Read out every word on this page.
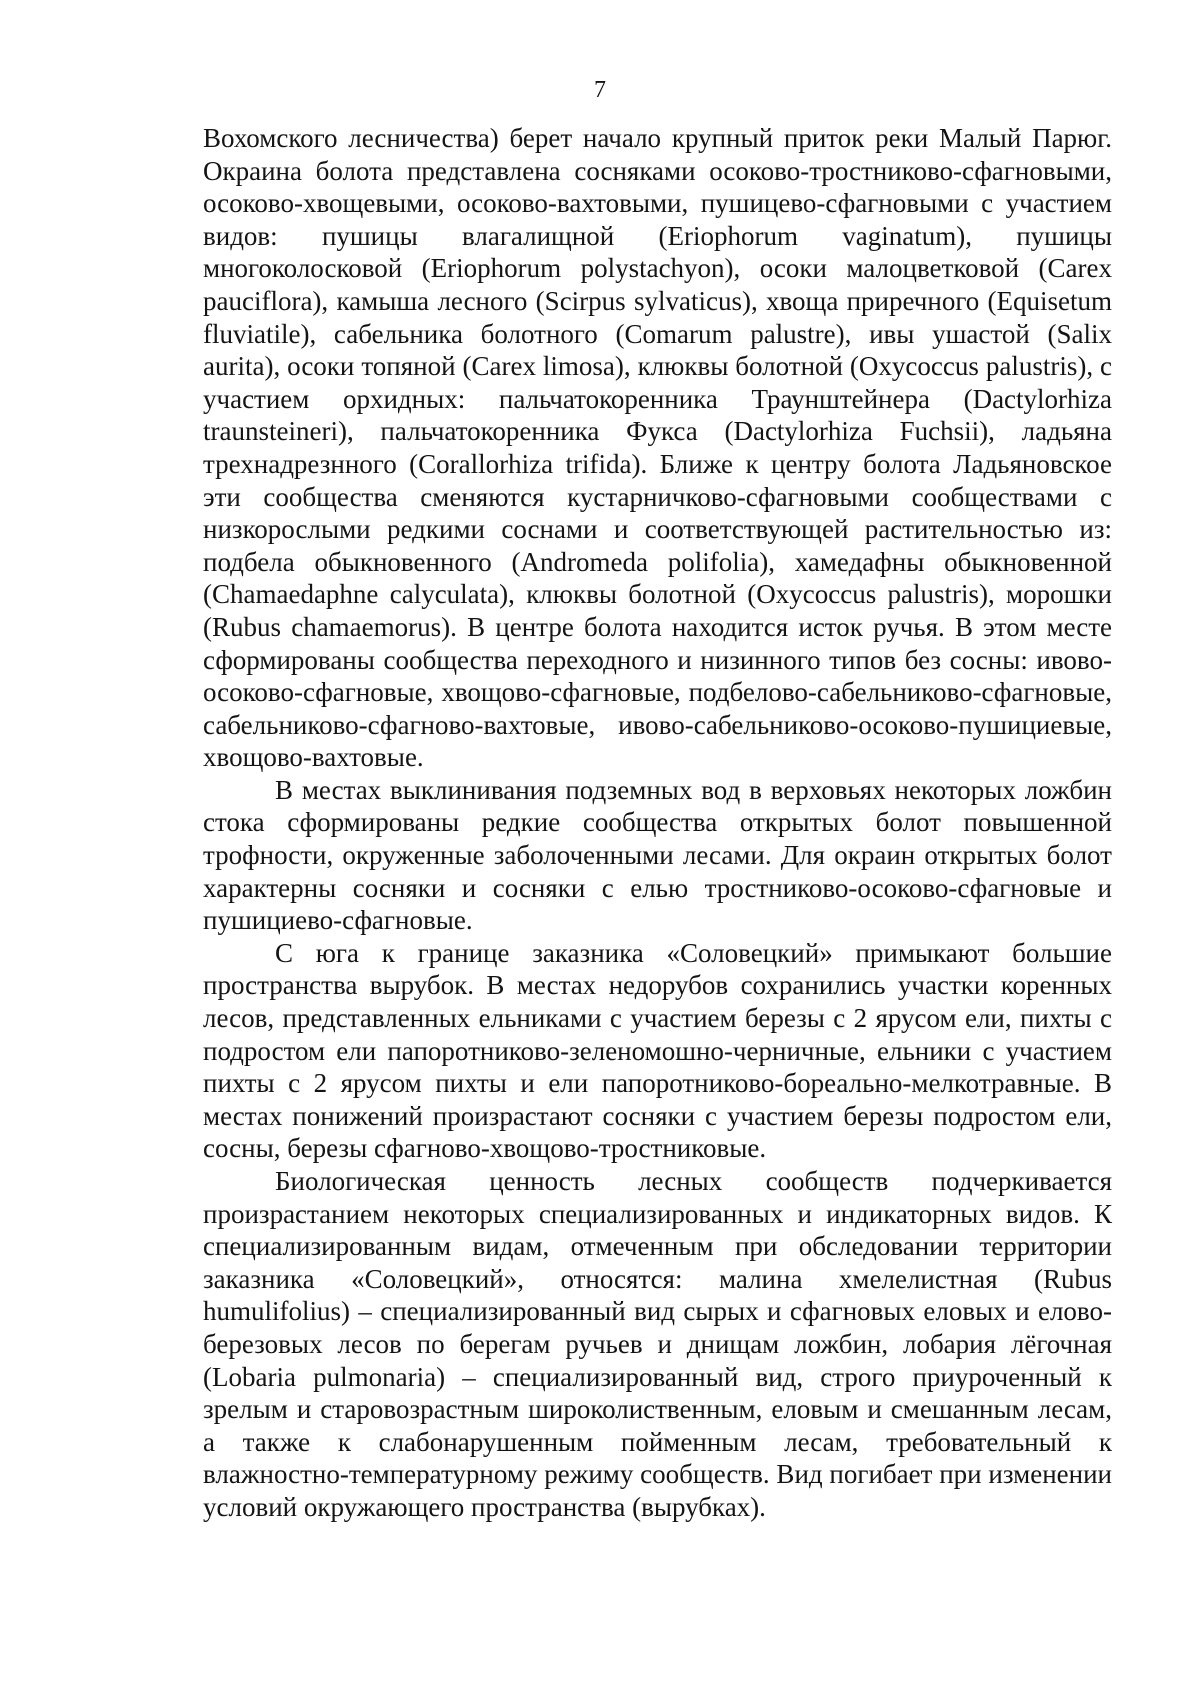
7

Вохомского лесничества) берет начало крупный приток реки Малый Парюг. Окраина болота представлена сосняками осоково-тростниково-сфагновыми, осоково-хвощевыми, осоково-вахтовыми, пушицево-сфагновыми с участием видов: пушицы влагалищной (Eriophorum vaginatum), пушицы многоколосковой (Eriophorum polystachyon), осоки малоцветковой (Carex pauciflora), камыша лесного (Scirpus sylvaticus), хвоща приречного (Equisetum fluviatile), сабельника болотного (Comarum palustre), ивы ушастой (Salix aurita), осоки топяной (Carex limosa), клюквы болотной (Oxycoccus palustris), с участием орхидных: пальчатокоренника Траунштейнера (Dactylorhiza traunsteineri), пальчатокоренника Фукса (Dactylorhiza Fuchsii), ладьяна трехнадрезнного (Corallorhiza trifida). Ближе к центру болота Ладьяновское эти сообщества сменяются кустарничково-сфагновыми сообществами с низкорослыми редкими соснами и соответствующей растительностью из: подбела обыкновенного (Andromeda polifolia), хамедафны обыкновенной (Chamaedaphne calyculata), клюквы болотной (Oxycoccus palustris), морошки (Rubus chamaemorus). В центре болота находится исток ручья. В этом месте сформированы сообщества переходного и низинного типов без сосны: ивово-осоково-сфагновые, хвощово-сфагновые, подбелово-сабельниково-сфагновые, сабельниково-сфагново-вахтовые, ивово-сабельниково-осоково-пушициевые, хвощово-вахтовые.

В местах выклинивания подземных вод в верховьях некоторых ложбин стока сформированы редкие сообщества открытых болот повышенной трофности, окруженные заболоченными лесами. Для окраин открытых болот характерны сосняки и сосняки с елью тростниково-осоково-сфагновые и пушициево-сфагновые.

С юга к границе заказника «Соловецкий» примыкают большие пространства вырубок. В местах недорубов сохранились участки коренных лесов, представленных ельниками с участием березы с 2 ярусом ели, пихты с подростом ели папоротниково-зеленомошно-черничные, ельники с участием пихты с 2 ярусом пихты и ели папоротниково-бореально-мелкотравные. В местах понижений произрастают сосняки с участием березы подростом ели, сосны, березы сфагново-хвощово-тростниковые.

Биологическая ценность лесных сообществ подчеркивается произрастанием некоторых специализированных и индикаторных видов. К специализированным видам, отмеченным при обследовании территории заказника «Соловецкий», относятся: малина хмелелистная (Rubus humulifolius) – специализированный вид сырых и сфагновых еловых и елово-березовых лесов по берегам ручьев и днищам ложбин, лобария лёгочная (Lobaria pulmonaria) – специализированный вид, строго приуроченный к зрелым и старовозрастным широколиственным, еловым и смешанным лесам, а также к слабонарушенным пойменным лесам, требовательный к влажностно-температурному режиму сообществ. Вид погибает при изменении условий окружающего пространства (вырубках).
